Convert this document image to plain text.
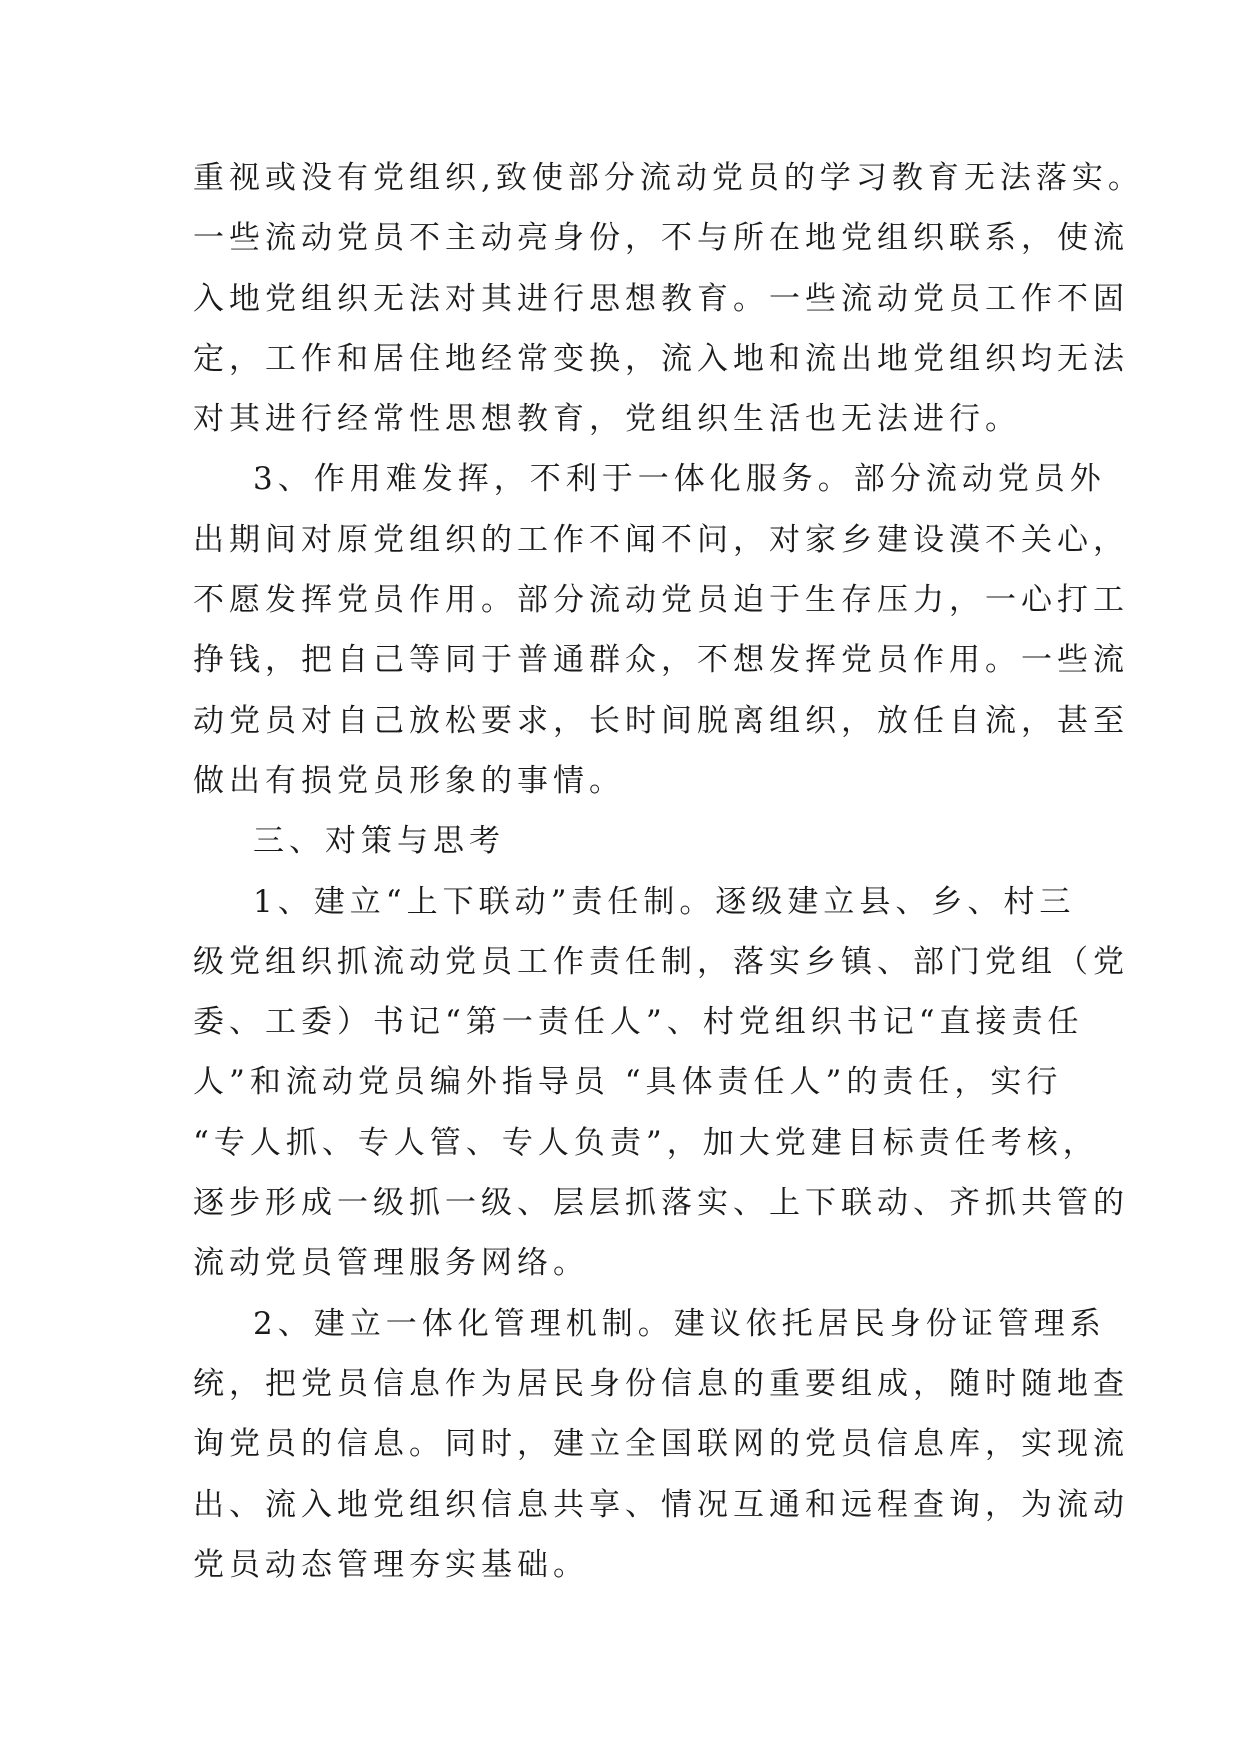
重视或没有党组织,致使部分流动党员的学习教育无法落实。
一些流动党员不主动亮身份，不与所在地党组织联系，使流
入地党组织无法对其进行思想教育。一些流动党员工作不固
定，工作和居住地经常变换，流入地和流出地党组织均无法
对其进行经常性思想教育，党组织生活也无法进行。
3、作用难发挥，不利于一体化服务。部分流动党员外
出期间对原党组织的工作不闻不问，对家乡建设漠不关心，
不愿发挥党员作用。部分流动党员迫于生存压力，一心打工
挣钱，把自己等同于普通群众，不想发挥党员作用。一些流
动党员对自己放松要求，长时间脱离组织，放任自流，甚至
做出有损党员形象的事情。
三、对策与思考
1、建立“上下联动”责任制。逐级建立县、乡、村三
级党组织抓流动党员工作责任制，落实乡镇、部门党组（党
委、工委）书记“第一责任人”、村党组织书记“直接责任
人”和流动党员编外指导员 “具体责任人”的责任，实行
“专人抓、专人管、专人负责”，加大党建目标责任考核，
逐步形成一级抓一级、层层抓落实、上下联动、齐抓共管的
流动党员管理服务网络。
2、建立一体化管理机制。建议依托居民身份证管理系
统，把党员信息作为居民身份信息的重要组成，随时随地查
询党员的信息。同时，建立全国联网的党员信息库，实现流
出、流入地党组织信息共享、情况互通和远程查询，为流动
党员动态管理夯实基础。
